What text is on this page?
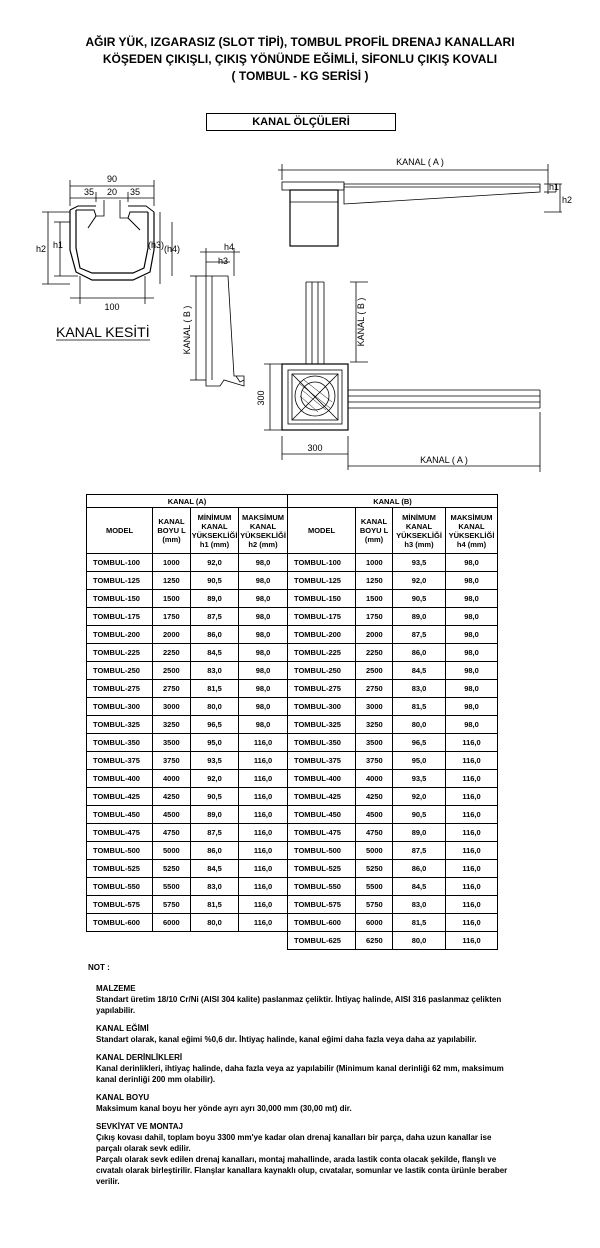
AĞIR YÜK, IZGARASIZ (SLOT TİPİ), TOMBUL PROFİL DRENAJ KANALLARI
KÖŞEDEN ÇIKIŞLI, ÇIKIŞ YÖNÜNDE EĞİMLİ, SİFONLU ÇIKIŞ KOVALI
( TOMBUL - KG SERİSİ )
KANAL ÖLÇÜLERİ
90
35 20 35
100
h2 h1	(h3) (h4)	h4
h3
KANAL ( A )
h1
h2
KANAL ( B )	KANAL ( B )
300
300
KANAL ( A )
KANAL KESİTİ
KANAL (A)				KANAL (B)			
MODEL	KANAL BOYU L (mm)	MİNİMUM KANAL YÜKSEKLİĞİ h1 (mm)	MAKSİMUM KANAL YÜKSEKLİĞİ h2 (mm)	MODEL	KANAL BOYU L (mm)	MİNİMUM KANAL YÜKSEKLİĞİ h3 (mm)	MAKSİMUM KANAL YÜKSEKLİĞİ h4 (mm)
TOMBUL-100	1000	92,0	98,0	TOMBUL-100	1000	93,5	98,0
TOMBUL-125	1250	90,5	98,0	TOMBUL-125	1250	92,0	98,0
TOMBUL-150	1500	89,0	98,0	TOMBUL-150	1500	90,5	98,0
TOMBUL-175	1750	87,5	98,0	TOMBUL-175	1750	89,0	98,0
TOMBUL-200	2000	86,0	98,0	TOMBUL-200	2000	87,5	98,0
TOMBUL-225	2250	84,5	98,0	TOMBUL-225	2250	86,0	98,0
TOMBUL-250	2500	83,0	98,0	TOMBUL-250	2500	84,5	98,0
TOMBUL-275	2750	81,5	98,0	TOMBUL-275	2750	83,0	98,0
TOMBUL-300	3000	80,0	98,0	TOMBUL-300	3000	81,5	98,0
TOMBUL-325	3250	96,5	98,0	TOMBUL-325	3250	80,0	98,0
TOMBUL-350	3500	95,0	116,0	TOMBUL-350	3500	96,5	116,0
TOMBUL-375	3750	93,5	116,0	TOMBUL-375	3750	95,0	116,0
TOMBUL-400	4000	92,0	116,0	TOMBUL-400	4000	93,5	116,0
TOMBUL-425	4250	90,5	116,0	TOMBUL-425	4250	92,0	116,0
TOMBUL-450	4500	89,0	116,0	TOMBUL-450	4500	90,5	116,0
TOMBUL-475	4750	87,5	116,0	TOMBUL-475	4750	89,0	116,0
TOMBUL-500	5000	86,0	116,0	TOMBUL-500	5000	87,5	116,0
TOMBUL-525	5250	84,5	116,0	TOMBUL-525	5250	86,0	116,0
TOMBUL-550	5500	83,0	116,0	TOMBUL-550	5500	84,5	116,0
TOMBUL-575	5750	81,5	116,0	TOMBUL-575	5750	83,0	116,0
TOMBUL-600	6000	80,0	116,0	TOMBUL-600	6000	81,5	116,0
				TOMBUL-625	6250	80,0	116,0
NOT :
MALZEME
Standart üretim 18/10 Cr/Ni (AISI 304 kalite) paslanmaz çeliktir. İhtiyaç halinde, AISI 316 paslanmaz çelikten yapılabilir.
KANAL EĞİMİ
Standart olarak, kanal eğimi %0,6 dır. İhtiyaç halinde, kanal eğimi daha fazla veya daha az yapılabilir.
KANAL DERİNLİKLERİ
Kanal derinlikleri, ihtiyaç halinde, daha fazla veya az yapılabilir (Minimum kanal derinliği 62 mm, maksimum kanal derinliği 200 mm olabilir).
KANAL BOYU
Maksimum kanal boyu her yönde ayrı ayrı 30,000 mm (30,00 mt) dir.
SEVKİYAT VE MONTAJ
Çıkış kovası dahil, toplam boyu 3300 mm'ye kadar olan drenaj kanalları bir parça, daha uzun kanallar ise parçalı olarak sevk edilir.
Parçalı olarak sevk edilen drenaj kanalları, montaj mahallinde, arada lastik conta olacak şekilde, flanşlı ve cıvatalı olarak birleştirilir. Flanşlar kanallara kaynaklı olup, cıvatalar, somunlar ve lastik conta ürünle beraber verilir.
